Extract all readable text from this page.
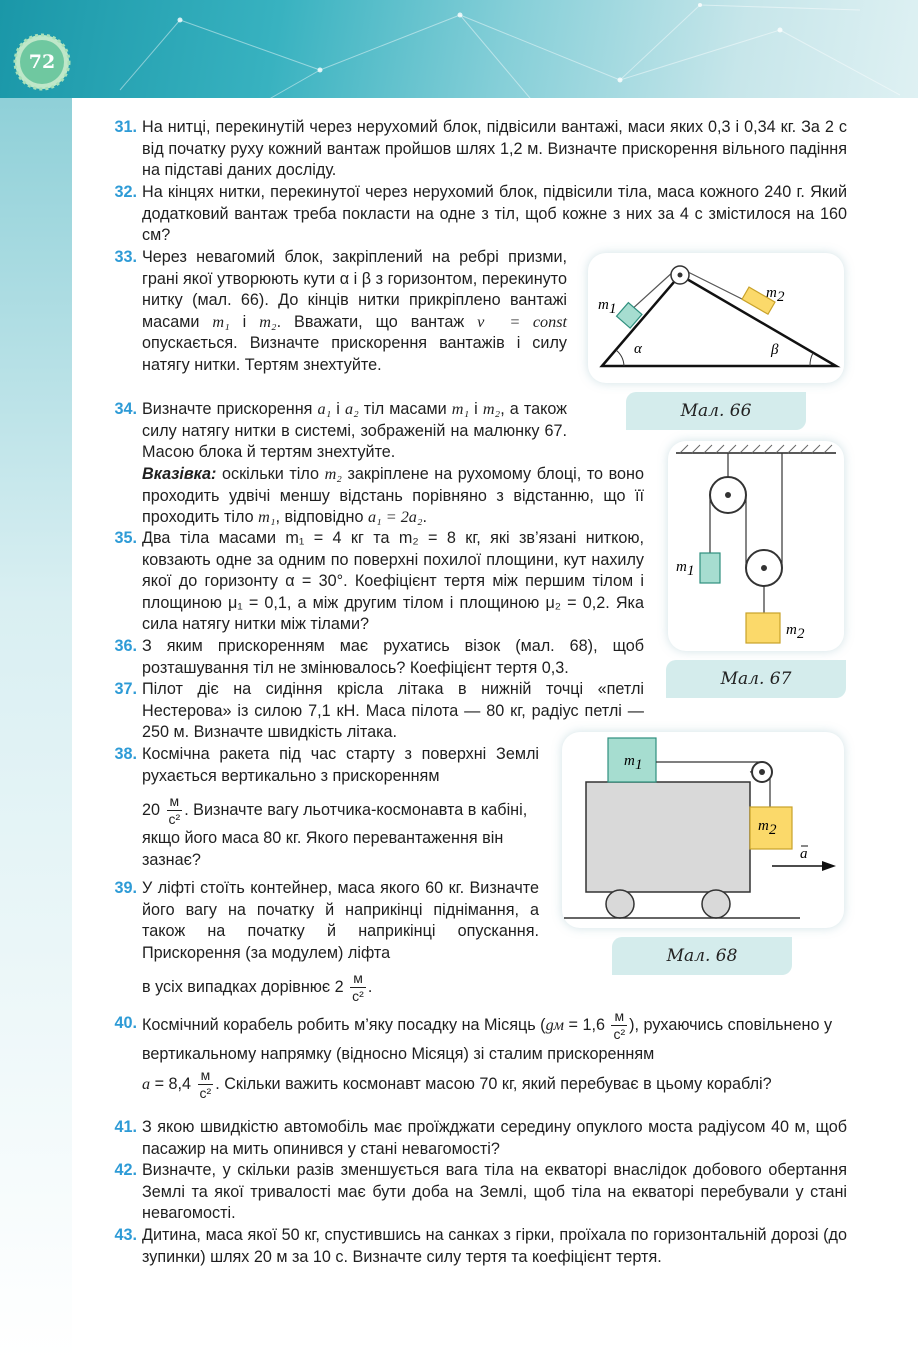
72
31. На нитці, перекинутій через нерухомий блок, підвісили вантажі, маси яких 0,3 і 0,34 кг. За 2 с від початку руху кожний вантаж пройшов шлях 1,2 м. Визначте прискорення вільного падіння на підставі даних досліду.

32. На кінцях нитки, перекинутої через нерухомий блок, підвісили тіла, маса кожного 240 г. Який додатковий вантаж треба покласти на одне з тіл, щоб кожне з них за 4 с змістилося на 160 см?

33. Через невагомий блок, закріплений на ребрі призми, грані якої утворюють кути α і β з горизонтом, перекинуто нитку (мал. 66). До кінців нитки прикріплено вантажі масами m₁ і m₂. Вважати, що вантаж v⃗ = const опускається. Визначте прискорення вантажів і силу натягу нитки. Тертям знехтуйте.

34. Визначте прискорення a₁ і a₂ тіл масами m₁ і m₂, а також силу натягу нитки в системі, зображеній на малюнку 67. Масою блока й тертям знехтуйте.

Вказівка: оскільки тіло m₂ закріплене на рухомому блоці, то воно проходить удвічі меншу відстань порівняно з відстанню, що її проходить тіло m₁, відповідно a₁ = 2a₂.

35. Два тіла масами m₁ = 4 кг та m₂ = 8 кг, які зв’язані ниткою, ковзають одне за одним по поверхні похилої площини, кут нахилу якої до горизонту α = 30°. Коефіцієнт тертя між першим тілом і площиною μ₁ = 0,1, а між другим тілом і площиною μ₂ = 0,2. Яка сила натягу нитки між тілами?

36. З яким прискоренням має рухатись візок (мал. 68), щоб розташування тіл не змінювалось? Коефіцієнт тертя 0,3.

37. Пілот діє на сидіння крісла літака в нижній точці «петлі Нестерова» із силою 7,1 кН. Маса пілота — 80 кг, радіус петлі — 250 м. Визначте швидкість літака.

38. Космічна ракета під час старту з поверхні Землі рухається вертикально з прискоренням

$20 \frac{м}{\text{с²}}$ . Визначте вагу льотчика-космонавта в кабіні, якщо його маса 80 кг. Якого перевантаження він зазнає?

39. У ліфті стоїть контейнер, маса якого 60 кг. Визначте його вагу на початку й наприкінці піднімання, а також на початку й наприкінці опускання. Прискорення (за модулем) ліфта

в усіх випадках дорівнює $2 \frac{м}{\text{с²}}$ .

40. Космічний корабель робить м’яку посадку на Місяць ($gм = 1,6 \frac{м}{\text{с²}}$ ), рухаючись сповільнено у вертикальному напрямку (відносно Місяця) зі сталим прискоренням

$a = 8,4 \frac{м}{\text{с²}}$ . Скільки важить космонавт масою 70 кг, який перебуває в цьому кораблі?

41. З якою швидкістю автомобіль має проїжджати середину опуклого моста радіусом 40 м, щоб пасажир на мить опинився у стані невагомості?

42. Визначте, у скільки разів зменшується вага тіла на екваторі внаслідок добового обертання Землі та якої тривалості має бути доба на Землі, щоб тіла на екваторі перебували у стані невагомості.

43. Дитина, маса якої 50 кг, спустившись на санках з гірки, проїхала по горизонтальній дорозі (до зупинки) шлях 20 м за 10 с. Визначте силу тертя та коефіцієнт тертя.

m 1
m 2
α	β
Мал. 66
m 1
m 2
Мал. 67
a
m 1
m 2
Мал. 68
